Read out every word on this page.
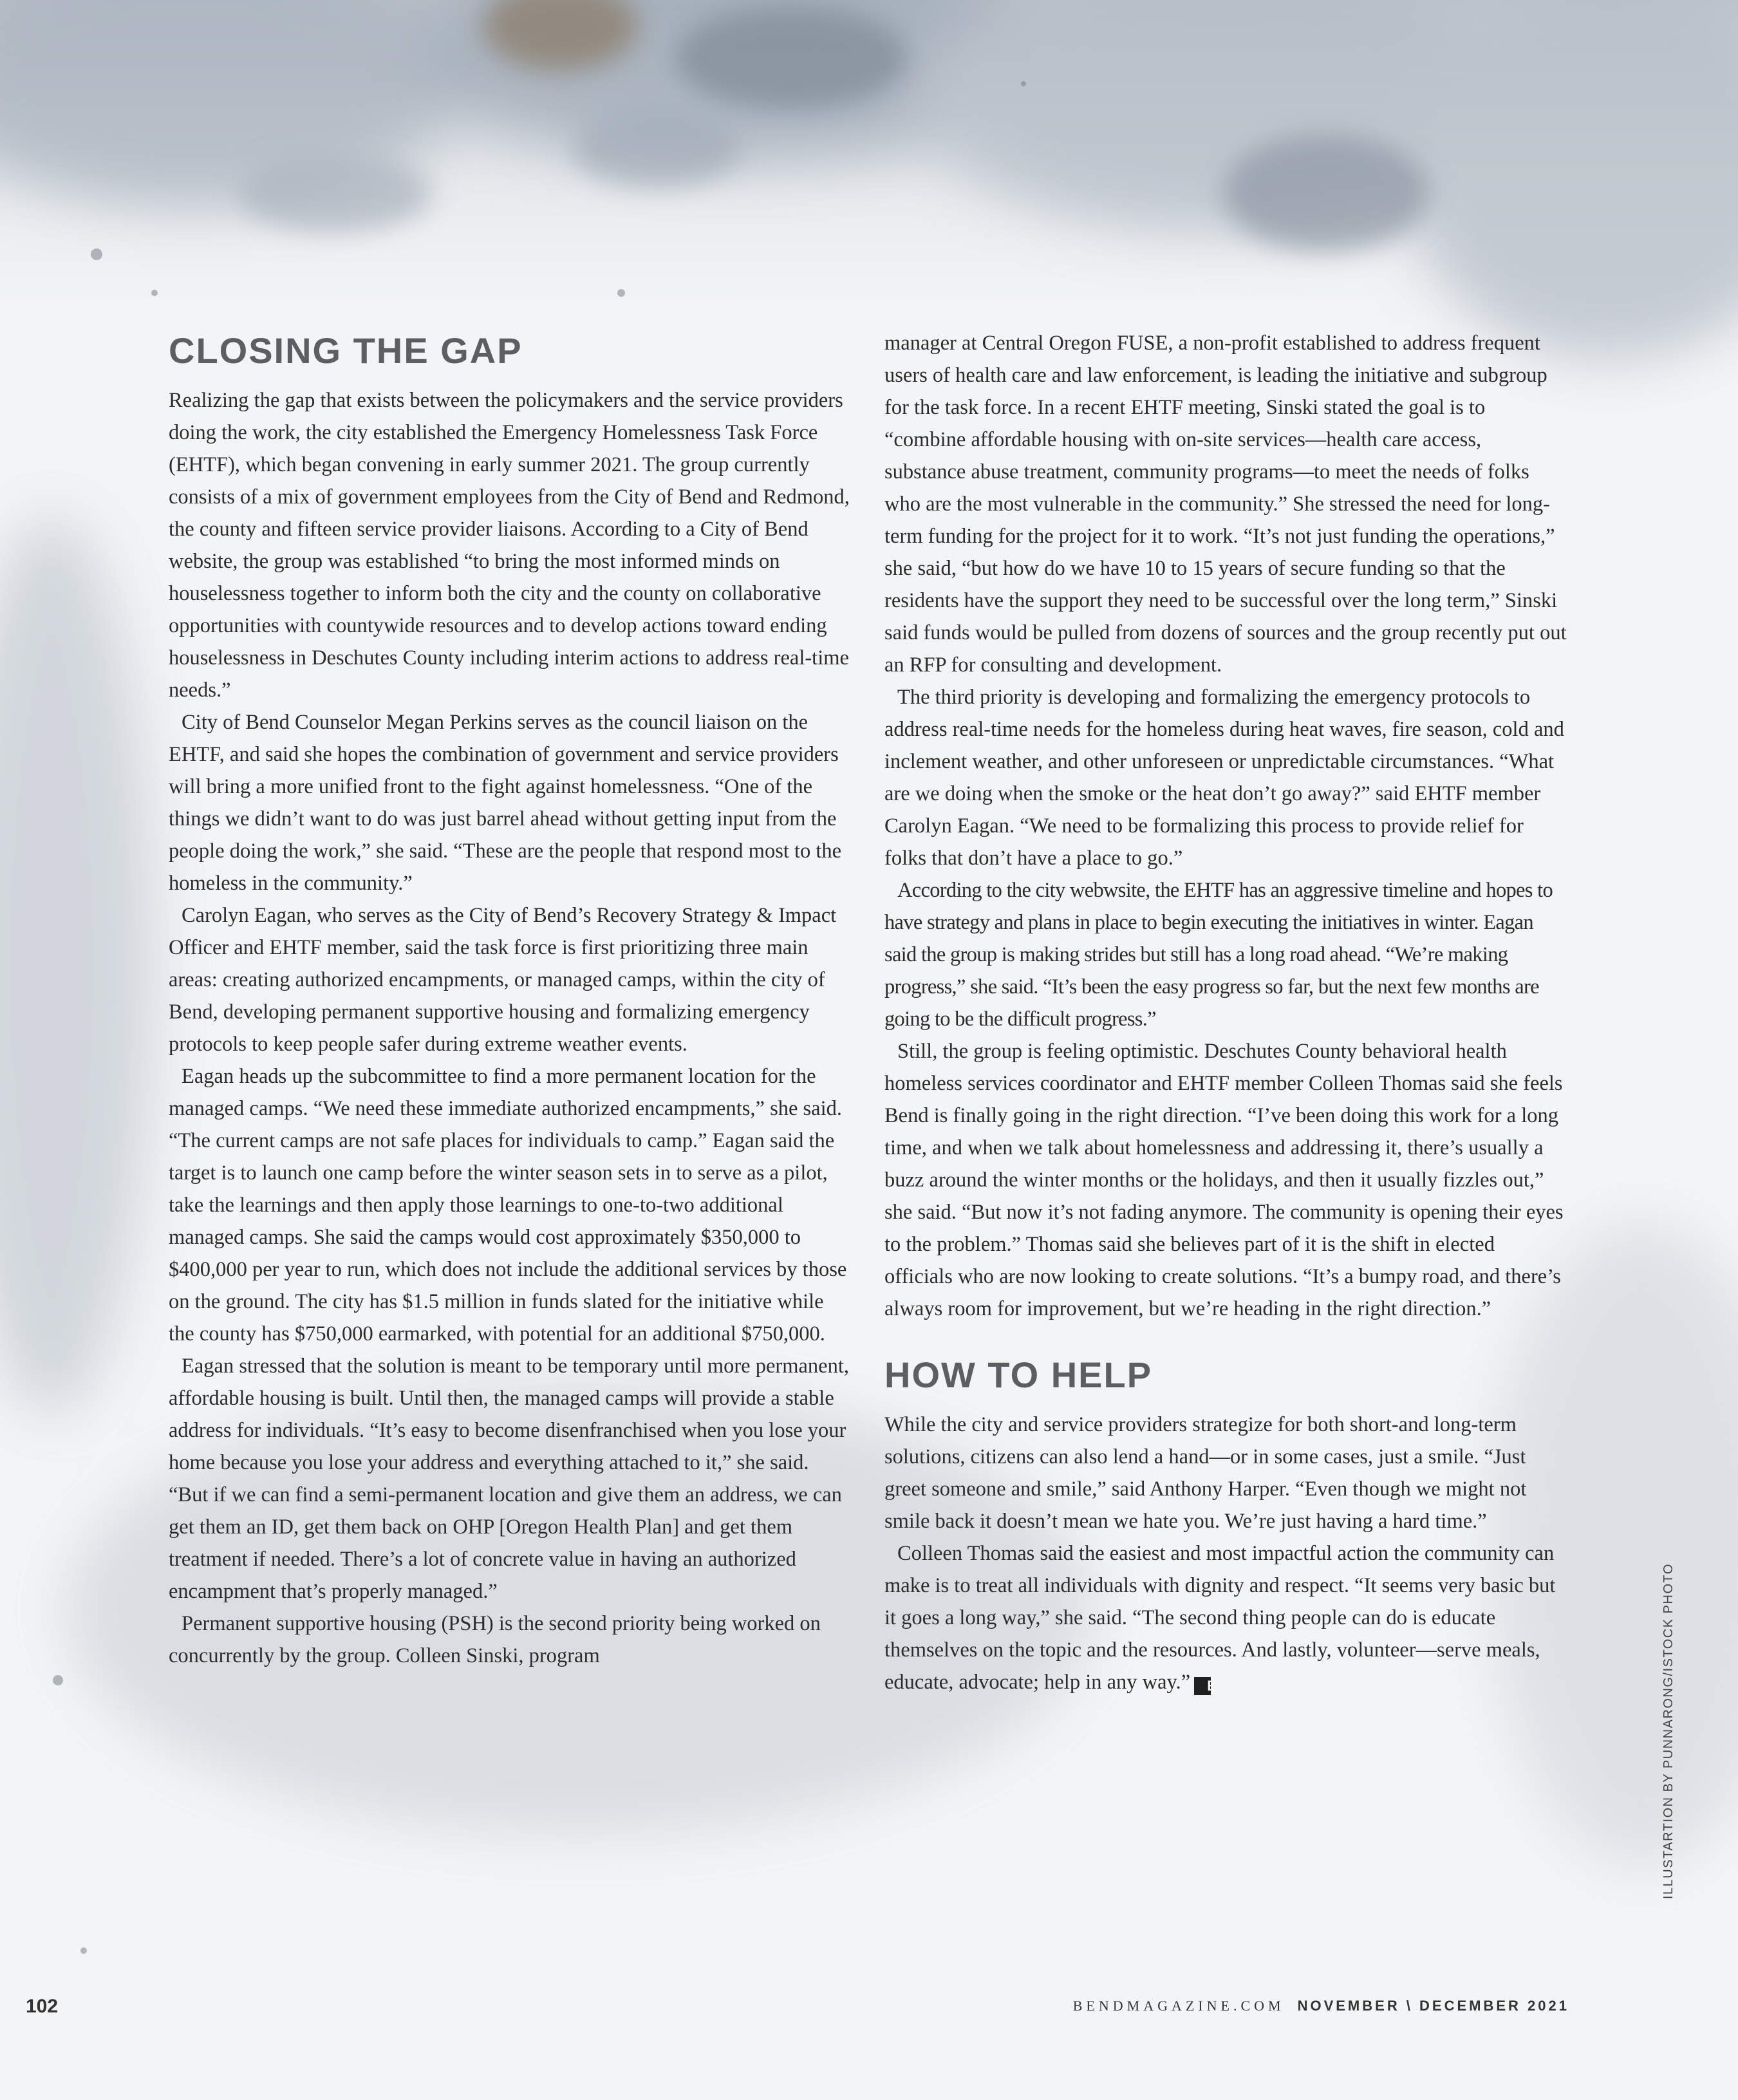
CLOSING THE GAP

Realizing the gap that exists between the policymakers and the service providers doing the work, the city established the Emergency Homelessness Task Force (EHTF), which began convening in early summer 2021. The group currently consists of a mix of government employees from the City of Bend and Redmond, the county and fifteen service provider liaisons. According to a City of Bend website, the group was established “to bring the most informed minds on houselessness together to inform both the city and the county on collaborative opportunities with countywide resources and to develop actions toward ending houselessness in Deschutes County including interim actions to address real-time needs.”

City of Bend Counselor Megan Perkins serves as the council liaison on the EHTF, and said she hopes the combination of government and service providers will bring a more unified front to the fight against homelessness. “One of the things we didn’t want to do was just barrel ahead without getting input from the people doing the work,” she said. “These are the people that respond most to the homeless in the community.”

Carolyn Eagan, who serves as the City of Bend’s Recovery Strategy & Impact Officer and EHTF member, said the task force is first prioritizing three main areas: creating authorized encampments, or managed camps, within the city of Bend, developing permanent supportive housing and formalizing emergency protocols to keep people safer during extreme weather events.

Eagan heads up the subcommittee to find a more permanent location for the managed camps. “We need these immediate authorized encampments,” she said. “The current camps are not safe places for individuals to camp.” Eagan said the target is to launch one camp before the winter season sets in to serve as a pilot, take the learnings and then apply those learnings to one-to-two additional managed camps. She said the camps would cost approximately $350,000 to $400,000 per year to run, which does not include the additional services by those on the ground. The city has $1.5 million in funds slated for the initiative while the county has $750,000 earmarked, with potential for an additional $750,000.

Eagan stressed that the solution is meant to be temporary until more permanent, affordable housing is built. Until then, the managed camps will provide a stable address for individuals. “It’s easy to become disenfranchised when you lose your home because you lose your address and everything attached to it,” she said. “But if we can find a semi-permanent location and give them an address, we can get them an ID, get them back on OHP [Oregon Health Plan] and get them treatment if needed. There’s a lot of concrete value in having an authorized encampment that’s properly managed.”

Permanent supportive housing (PSH) is the second priority being worked on concurrently by the group. Colleen Sinski, program

manager at Central Oregon FUSE, a non-profit established to address frequent users of health care and law enforcement, is leading the initiative and subgroup for the task force. In a recent EHTF meeting, Sinski stated the goal is to “combine affordable housing with on-site services—health care access, substance abuse treatment, community programs—to meet the needs of folks who are the most vulnerable in the community.” She stressed the need for long-term funding for the project for it to work. “It’s not just funding the operations,” she said, “but how do we have 10 to 15 years of secure funding so that the residents have the support they need to be successful over the long term,” Sinski said funds would be pulled from dozens of sources and the group recently put out an RFP for consulting and development.

The third priority is developing and formalizing the emergency protocols to address real-time needs for the homeless during heat waves, fire season, cold and inclement weather, and other unforeseen or unpredictable circumstances. “What are we doing when the smoke or the heat don’t go away?” said EHTF member Carolyn Eagan. “We need to be formalizing this process to provide relief for folks that don’t have a place to go.”

According to the city webwsite, the EHTF has an aggressive timeline and hopes to have strategy and plans in place to begin executing the initiatives in winter. Eagan said the group is making strides but still has a long road ahead. “We’re making progress,” she said. “It’s been the easy progress so far, but the next few months are going to be the difficult progress.”

Still, the group is feeling optimistic. Deschutes County behavioral health homeless services coordinator and EHTF member Colleen Thomas said she feels Bend is finally going in the right direction. “I’ve been doing this work for a long time, and when we talk about homelessness and addressing it, there’s usually a buzz around the winter months or the holidays, and then it usually fizzles out,” she said. “But now it’s not fading anymore. The community is opening their eyes to the problem.” Thomas said she believes part of it is the shift in elected officials who are now looking to create solutions. “It’s a bumpy road, and there’s always room for improvement, but we’re heading in the right direction.”

HOW TO HELP

While the city and service providers strategize for both short-and long-term solutions, citizens can also lend a hand—or in some cases, just a smile. “Just greet someone and smile,” said Anthony Harper. “Even though we might not smile back it doesn’t mean we hate you. We’re just having a hard time.”

Colleen Thomas said the easiest and most impactful action the community can make is to treat all individuals with dignity and respect. “It seems very basic but it goes a long way,” she said. “The second thing people can do is educate themselves on the topic and the resources. And lastly, volunteer—serve meals, educate, advocate; help in any way.” B	ILLUSTARTION BY PUNNARONG/ISTOCK PHOTO
102	BENDMAGAZINE.COM NOVEMBER \ DECEMBER 2021
